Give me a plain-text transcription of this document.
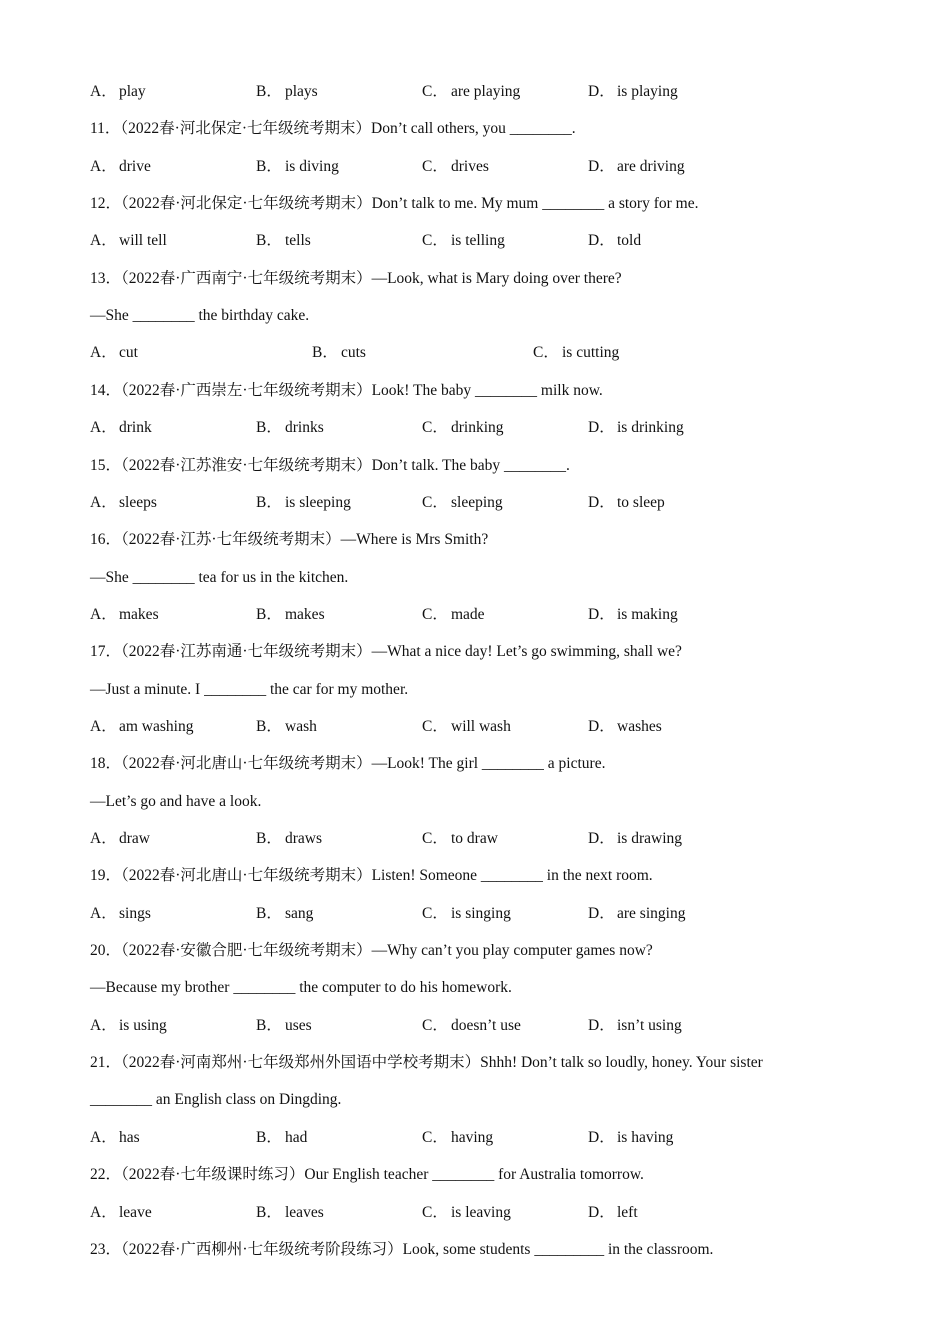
A． play	B． plays	C． are playing	D． is playing
11．（2022春·河北保定·七年级统考期末）Don’t call others, you ________.
A． drive	B． is diving	C． drives	D． are driving
12．（2022春·河北保定·七年级统考期末）Don’t talk to me. My mum ________ a story for me.
A． will tell	B． tells	C． is telling	D． told
13．（2022春·广西南宁·七年级统考期末）—Look, what is Mary doing over there?
—She ________ the birthday cake.
A． cut	B． cuts	C． is cutting
14．（2022春·广西崇左·七年级统考期末）Look! The baby ________ milk now.
A． drink	B． drinks	C． drinking	D． is drinking
15．（2022春·江苏淮安·七年级统考期末）Don’t talk. The baby ________.
A． sleeps	B． is sleeping	C． sleeping	D． to sleep
16．（2022春·江苏·七年级统考期末）—Where is Mrs Smith?
—She ________ tea for us in the kitchen.
A． makes	B． makes	C． made	D． is making
17．（2022春·江苏南通·七年级统考期末）—What a nice day! Let’s go swimming, shall we?
—Just a minute. I ________ the car for my mother.
A． am washing	B． wash	C． will wash	D． washes
18．（2022春·河北唐山·七年级统考期末）—Look! The girl ________ a picture.
—Let’s go and have a look.
A． draw	B． draws	C． to draw	D． is drawing
19．（2022春·河北唐山·七年级统考期末）Listen! Someone ________ in the next room.
A． sings	B． sang	C． is singing	D． are singing
20．（2022春·安徽合肥·七年级统考期末）—Why can’t you play computer games now?
—Because my brother ________ the computer to do his homework.
A． is using	B． uses	C． doesn’t use	D． isn’t using
21．（2022春·河南郑州·七年级郑州外国语中学校考期末）Shhh! Don’t talk so loudly, honey. Your sister
________ an English class on Dingding.
A． has	B． had	C． having	D． is having
22．（2022春·七年级课时练习）Our English teacher ________ for Australia tomorrow.
A． leave	B． leaves	C． is leaving	D． left
23．（2022春·广西柳州·七年级统考阶段练习）Look, some students _________ in the classroom.
